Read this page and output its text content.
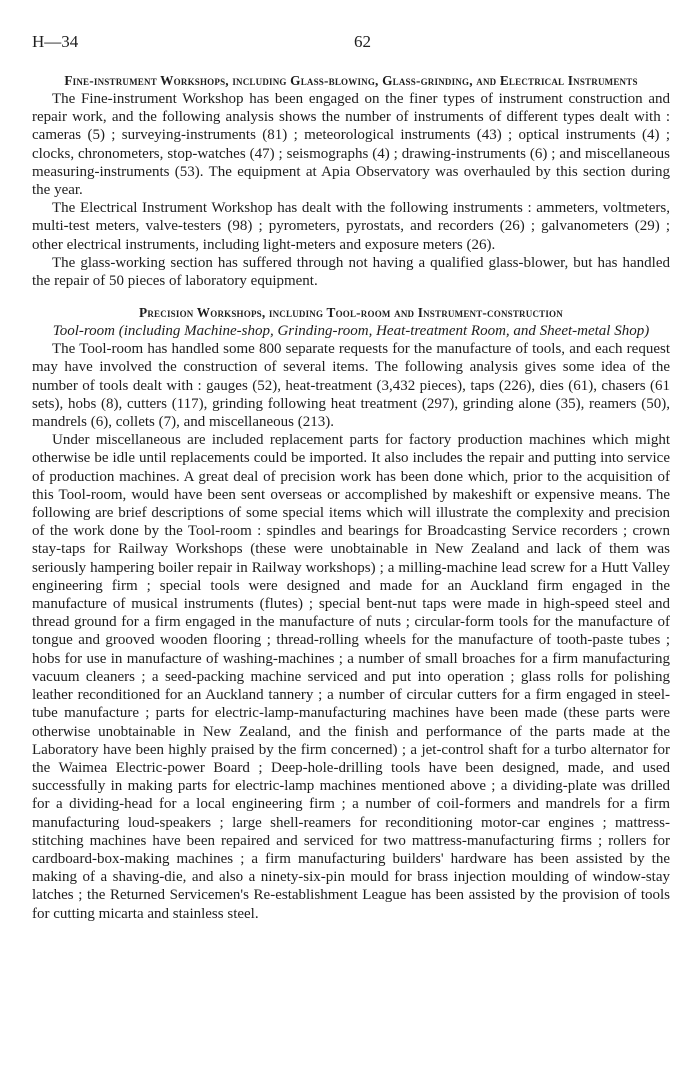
H—34	62
Fine-instrument Workshops, including Glass-blowing, Glass-grinding, and Electrical Instruments

The Fine-instrument Workshop has been engaged on the finer types of instrument construction and repair work, and the following analysis shows the number of instruments of different types dealt with : cameras (5) ; surveying-instruments (81) ; meteorological instruments (43) ; optical instruments (4) ; clocks, chronometers, stop-watches (47) ; seismographs (4) ; drawing-instruments (6) ; and miscellaneous measuring-instruments (53). The equipment at Apia Observatory was overhauled by this section during the year.

The Electrical Instrument Workshop has dealt with the following instruments : ammeters, voltmeters, multi-test meters, valve-testers (98) ; pyrometers, pyrostats, and recorders (26) ; galvanometers (29) ; other electrical instruments, including light-meters and exposure meters (26).

The glass-working section has suffered through not having a qualified glass-blower, but has handled the repair of 50 pieces of laboratory equipment.

Precision Workshops, including Tool-room and Instrument-construction

Tool-room (including Machine-shop, Grinding-room, Heat-treatment Room, and Sheet-metal Shop)

The Tool-room has handled some 800 separate requests for the manufacture of tools, and each request may have involved the construction of several items. The following analysis gives some idea of the number of tools dealt with : gauges (52), heat-treatment (3,432 pieces), taps (226), dies (61), chasers (61 sets), hobs (8), cutters (117), grinding following heat treatment (297), grinding alone (35), reamers (50), mandrels (6), collets (7), and miscellaneous (213).

Under miscellaneous are included replacement parts for factory production machines which might otherwise be idle until replacements could be imported. It also includes the repair and putting into service of production machines. A great deal of precision work has been done which, prior to the acquisition of this Tool-room, would have been sent overseas or accomplished by makeshift or expensive means. The following are brief descriptions of some special items which will illustrate the complexity and precision of the work done by the Tool-room : spindles and bearings for Broadcasting Service recorders ; crown stay-taps for Railway Workshops (these were unobtainable in New Zealand and lack of them was seriously hampering boiler repair in Railway workshops) ; a milling-machine lead screw for a Hutt Valley engineering firm ; special tools were designed and made for an Auckland firm engaged in the manufacture of musical instruments (flutes) ; special bent-nut taps were made in high-speed steel and thread ground for a firm engaged in the manufacture of nuts ; circular-form tools for the manufacture of tongue and grooved wooden flooring ; thread-rolling wheels for the manufacture of tooth-paste tubes ; hobs for use in manufacture of washing-machines ; a number of small broaches for a firm manufacturing vacuum cleaners ; a seed-packing machine serviced and put into operation ; glass rolls for polishing leather reconditioned for an Auckland tannery ; a number of circular cutters for a firm engaged in steel-tube manufacture ; parts for electric-lamp-manufacturing machines have been made (these parts were otherwise unobtainable in New Zealand, and the finish and performance of the parts made at the Laboratory have been highly praised by the firm concerned) ; a jet-control shaft for a turbo alternator for the Waimea Electric-power Board ; Deep-hole-drilling tools have been designed, made, and used successfully in making parts for electric-lamp machines mentioned above ; a dividing-plate was drilled for a dividing-head for a local engineering firm ; a number of coil-formers and mandrels for a firm manufacturing loud-speakers ; large shell-reamers for reconditioning motor-car engines ; mattress-stitching machines have been repaired and serviced for two mattress-manufacturing firms ; rollers for cardboard-box-making machines ; a firm manufacturing builders' hardware has been assisted by the making of a shaving-die, and also a ninety-six-pin mould for brass injection moulding of window-stay latches ; the Returned Servicemen's Re-establishment League has been assisted by the provision of tools for cutting micarta and stainless steel.
